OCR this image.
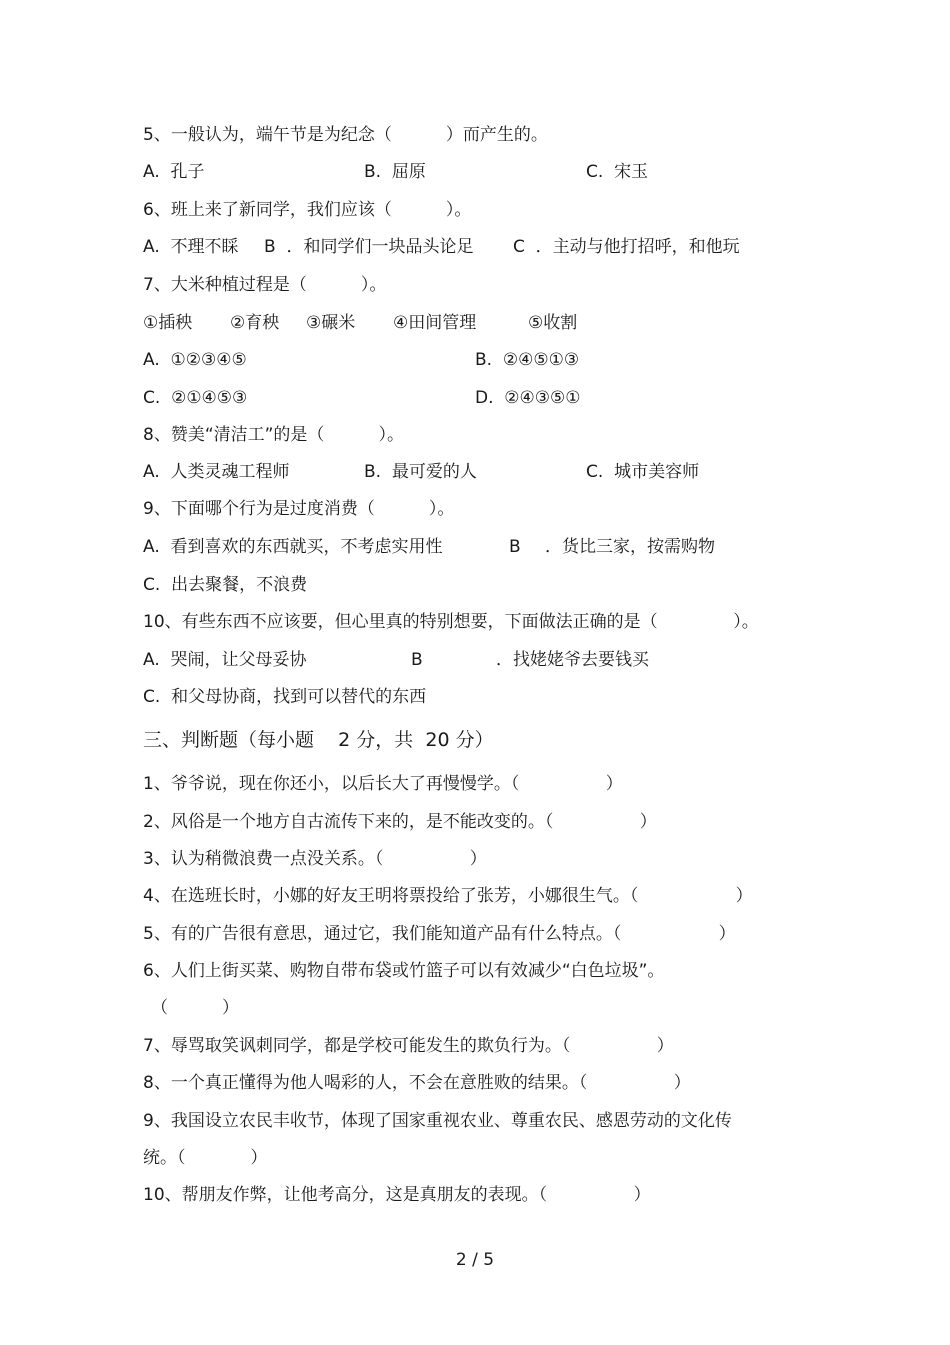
5、一般认为，端午节是为纪念（          ）而产生的。

A.  孔子

	B.  屈原

	C.  宋玉

6、班上来了新同学，我们应该（          ）。

A.  不理不睬

B  ．和同学们一块品头论足

C  ．主动与他打招呼，和他玩

7、大米种植过程是（          ）。

①插秧

②育秧

③碾米

④田间管理

	⑤收割

A.  ①②③④⑤

	B.  ②④⑤①③

C.  ②①④⑤③

	D.  ②④③⑤①

8、赞美“清洁工”的是（          ）。

A.  人类灵魂工程师

	B.  最可爱的人

	C.  城市美容师

9、下面哪个行为是过度消费（          ）。

A.  看到喜欢的东西就买，不考虑实用性

	B

．货比三家，按需购物

C.  出去聚餐，不浪费

10、有些东西不应该要，但心里真的特别想要，下面做法正确的是（              ）。

A.  哭闹，让父母妥协

	B

	．找姥姥爷去要钱买

C.  和父母协商，找到可以替代的东西

三、判断题（每小题    2 分，共  20 分）

1、爷爷说，现在你还小，以后长大了再慢慢学。（                ）

2、风俗是一个地方自古流传下来的，是不能改变的。（                ）

3、认为稍微浪费一点没关系。（                ）

4、在选班长时，小娜的好友王明将票投给了张芳，小娜很生气。（                  ）

5、有的广告很有意思，通过它，我们能知道产品有什么特点。（                  ）

6、人们上街买菜、购物自带布袋或竹篮子可以有效减少“白色垃圾”。

（          ）

7、辱骂取笑讽刺同学，都是学校可能发生的欺负行为。（                ）

8、一个真正懂得为他人喝彩的人，不会在意胜败的结果。（                ）

9、我国设立农民丰收节，体现了国家重视农业、尊重农民、感恩劳动的文化传

统。（            ）

10、帮朋友作弊，让他考高分，这是真朋友的表现。（                ）

2 / 5
